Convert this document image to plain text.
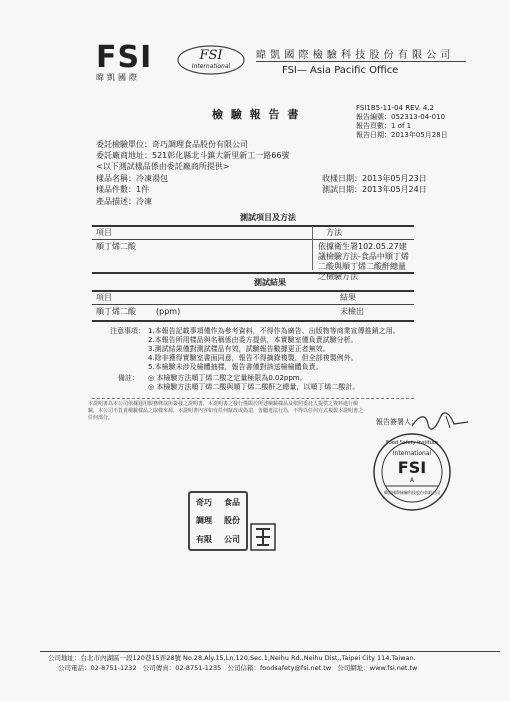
FSI
暐凱國際
FSI
International
暐 凱 國 際 檢 驗 科 技 股 份 有 限 公 司
FSI— Asia Pacific Office
檢 驗 報 告 書	FSI1B5-11-04 REV. 4.2
報告編號：052313-04-010
報告頁數：1 of 1
報告日期：2013年05月28日
委託檢驗單位：奇巧調理食品股份有限公司
委託廠商地址：521彰化縣北斗鎮大新里新工一路66號
<以下測試樣品係由委託廠商所提供>
樣品名稱：冷凍湯包
樣品件數：1件
產品描述：冷凍
收樣日期：2013年05月23日
測試日期：2013年05月24日
測試項目及方法
項目	方法
順丁烯二酸	依據衛生署102.05.27建議檢驗方法-食品中順丁烯二酸與順丁烯二酸酐總量之檢驗方法
測試結果
項目	結果
順丁烯二酸	(ppm)	未檢出
注意事項： 1.本報告記載事項僅作為參考資料，不得作為廣告、出版物等商業宣傳推銷之用。
2.本報告所用樣品與名稱係由委方提供，本實驗室僅負責試驗分析。
3.測試結果僅對測試樣品有效，試驗報告數據更正者無效。
4.除非獲得實驗室書面同意，報告不得摘錄複製，但全部複製例外。
5.本檢驗未涉及檢體抽樣，報告書僅對該送檢檢體負責。
備註： ◎ 本檢驗方法順丁烯二酸之定量極限為0.02ppm。
◎ 本檢驗方法順丁烯二酸與順丁烯二酸酐之總量，以順丁烯二酸計。
本證明書為本公司依據通用服務條款所簽發之證明書，本證明書之發行僅限於所述檢驗樣品及依照委託人提供之資料進行檢驗，本公司不負責檢驗樣品之取樣來源，本證明書內容如有任何竄改或偽造，皆屬違法行為，不得以任何方式複製本證明書之任何部分。	報告簽署人：
Food Safety Institute
International
FSI
A
暐凱國際檢驗科技股份有限公司
奇巧 食品
調理 股份
有限 公司
公司地址：台北市內湖區一段120巷15弄28號 No.28,Aly.15,Ln.120,Sec.1,Neihu Rd.,Neihu Dist.,Taipei City 114,Taiwan.
公司電話：02-8751-1232 公司傳真：02-8751-1235 公司信箱：foodsafety@fsi.net.tw 公司網址：www.fsi.net.tw
